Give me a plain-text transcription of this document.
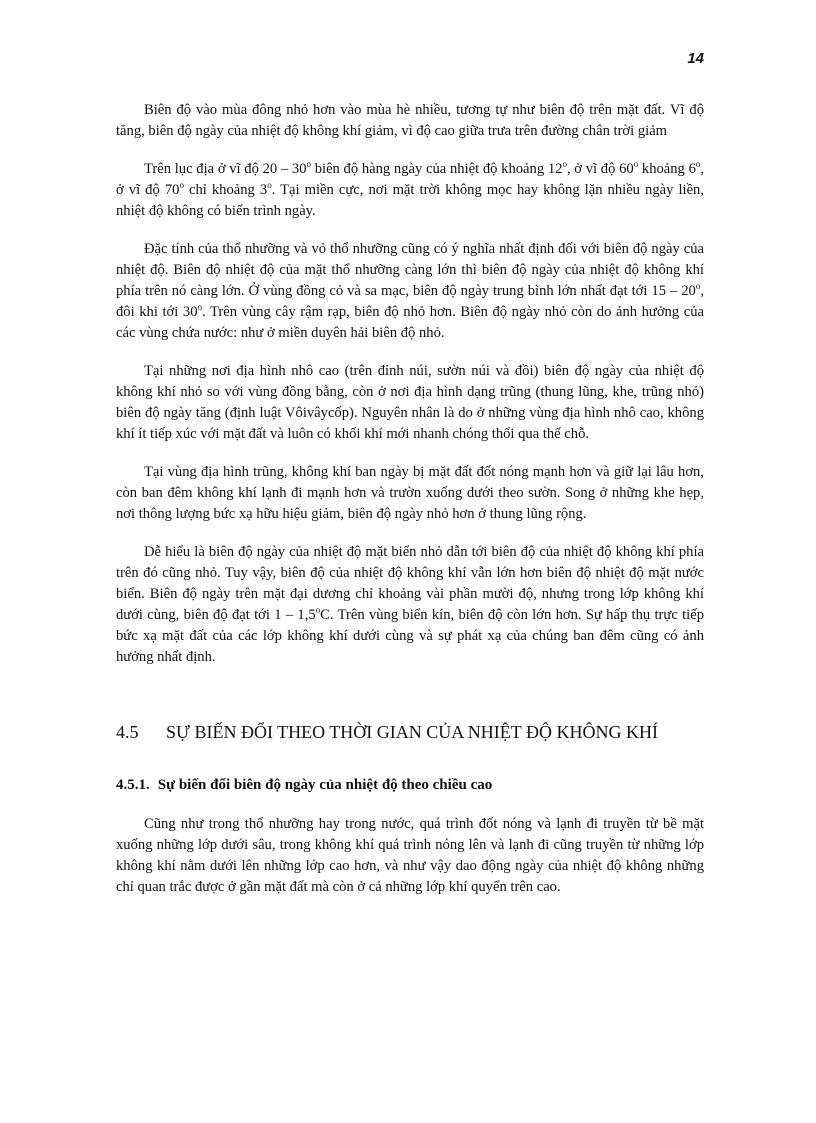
14

Biên độ vào mùa đông nhỏ hơn vào mùa hè nhiều, tương tự như biên độ trên mặt đất. Vĩ độ tăng, biên độ ngày của nhiệt độ không khí giảm, vì độ cao giữa trưa trên đường chân trời giảm

Trên lục địa ở vĩ độ 20 – 30$^o$ biên độ hàng ngày của nhiệt độ khoảng 12$^o$, ở vĩ độ 60$^o$ khoảng 6$^o$, ở vĩ độ 70$^o$ chỉ khoảng 3$^o$. Tại miền cực, nơi mặt trời không mọc hay không lặn nhiều ngày liền, nhiệt độ không có biến trình ngày.

Đặc tính của thổ nhưỡng và vỏ thổ nhưỡng cũng có ý nghĩa nhất định đối với biên độ ngày của nhiệt độ. Biên độ nhiệt độ của mặt thổ nhưỡng càng lớn thì biên độ ngày của nhiệt độ không khí phía trên nó càng lớn. Ở vùng đồng cỏ và sa mạc, biên độ ngày trung bình lớn nhất đạt tới 15 – 20$^o$, đôi khi tới 30$^o$. Trên vùng cây rậm rạp, biên độ nhỏ hơn. Biên độ ngày nhỏ còn do ảnh hưởng của các vùng chứa nước: như ở miền duyên hải biên độ nhỏ.

Tại những nơi địa hình nhô cao (trên đỉnh núi, sườn núi và đồi) biên độ ngày của nhiệt độ không khí nhỏ so với vùng đồng bằng, còn ở nơi địa hình dạng trũng (thung lũng, khe, trũng nhỏ) biên độ ngày tăng (định luật Vôivâycốp). Nguyên nhân là do ở những vùng địa hình nhô cao, không khí ít tiếp xúc với mặt đất và luôn có khối khí mới nhanh chóng thổi qua thế chỗ.

Tại vùng địa hình trũng, không khí ban ngày bị mặt đất đốt nóng mạnh hơn và giữ lại lâu hơn, còn ban đêm không khí lạnh đi mạnh hơn và trườn xuống dưới theo sườn. Song ở những khe hẹp, nơi thông lượng bức xạ hữu hiệu giảm, biên độ ngày nhỏ hơn ở thung lũng rộng.

Dễ hiểu là biên độ ngày của nhiệt độ mặt biển nhỏ dẫn tới biên độ của nhiệt độ không khí phía trên đó cũng nhỏ. Tuy vậy, biên độ của nhiệt độ không khí vẫn lớn hơn biên độ nhiệt độ mặt nước biển. Biên độ ngày trên mặt đại dương chỉ khoảng vài phần mười độ, nhưng trong lớp không khí dưới cùng, biên độ đạt tới 1 – 1,5$^o$C. Trên vùng biển kín, biên độ còn lớn hơn. Sự hấp thụ trực tiếp bức xạ mặt đất của các lớp không khí dưới cùng và sự phát xạ của chúng ban đêm cũng có ảnh hưởng nhất định.

4.5	SỰ BIẾN ĐỔI THEO THỜI GIAN CỦA NHIỆT ĐỘ KHÔNG KHÍ
4.5.1. Sự biến đổi biên độ ngày của nhiệt độ theo chiều cao

Cũng như trong thổ nhưỡng hay trong nước, quá trình đốt nóng và lạnh đi truyền từ bề mặt xuống những lớp dưới sâu, trong không khí quá trình nóng lên và lạnh đi cũng truyền từ những lớp không khí nằm dưới lên những lớp cao hơn, và như vậy dao động ngày của nhiệt độ không những chỉ quan trắc được ở gần mặt đất mà còn ở cả những lớp khí quyển trên cao.
